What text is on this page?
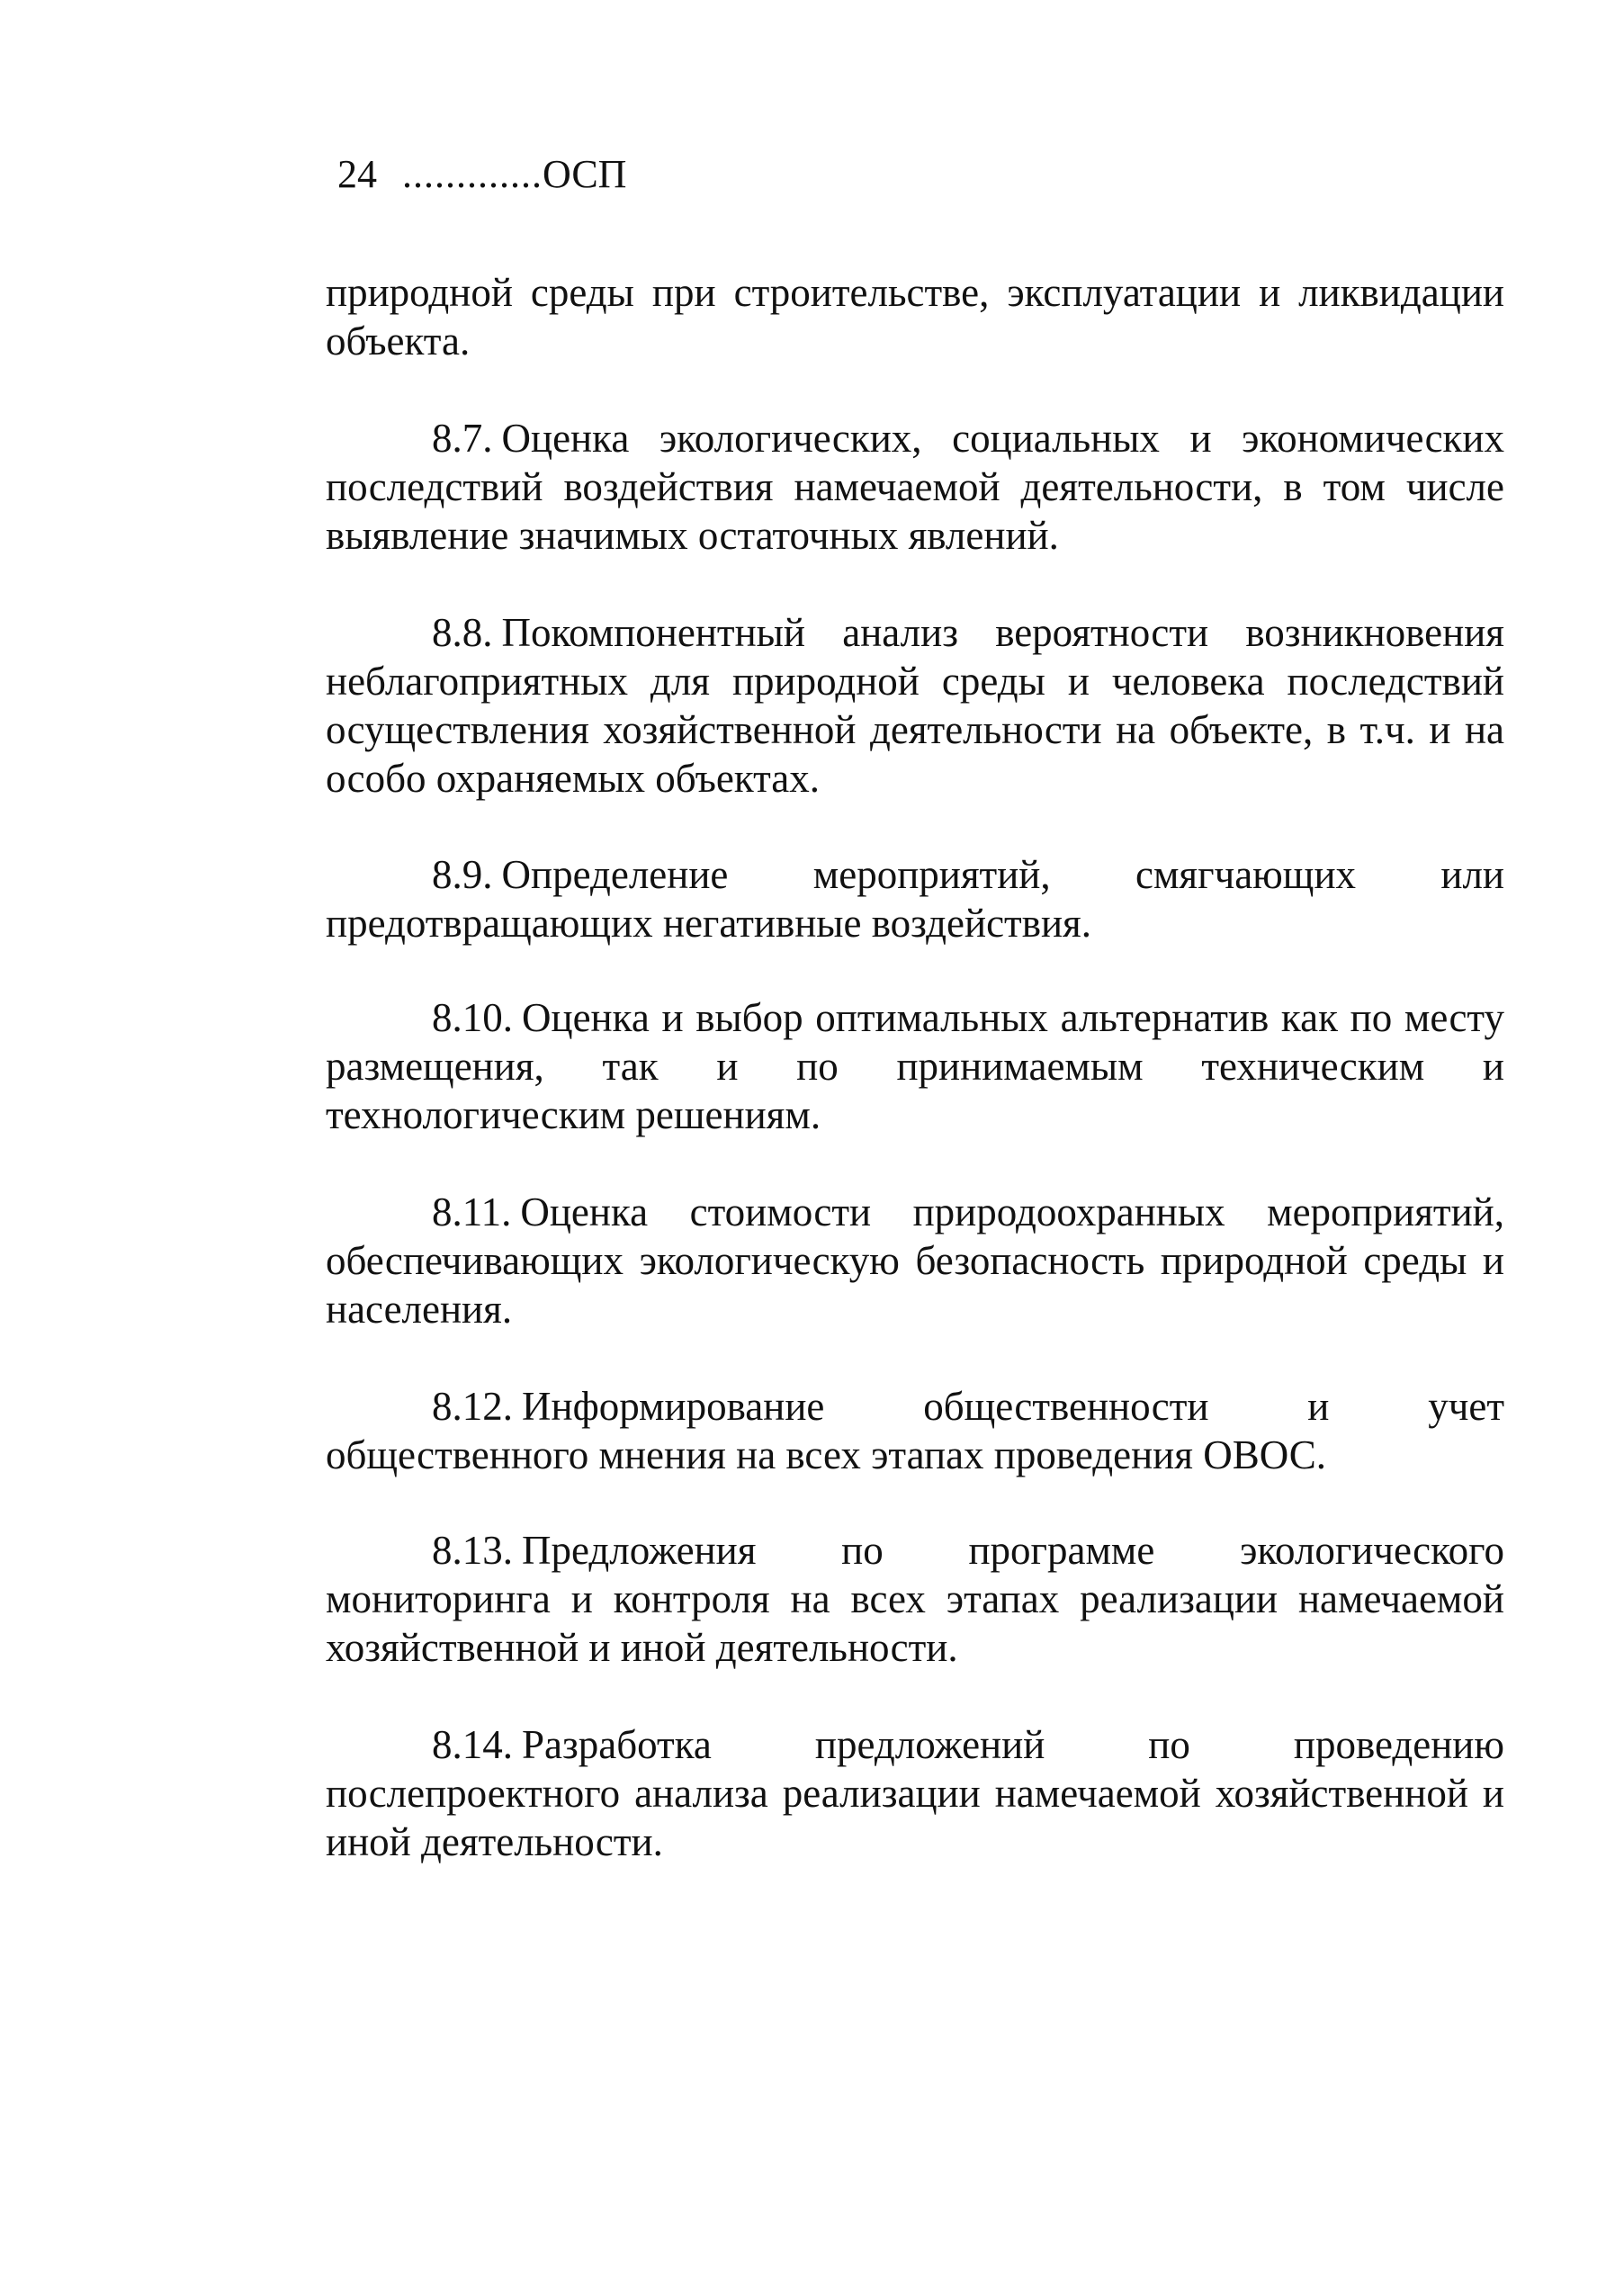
24 .............ОСП
природной среды при строительстве, эксплуатации и ликвидации объекта.
8.7. Оценка экологических, социальных и экономических последствий воздействия намечаемой деятельности, в том числе выявление значимых остаточных явлений.
8.8. Покомпонентный анализ вероятности возникновения неблагоприятных для природной среды и человека последствий осуществления хозяйственной деятельности на объекте, в т.ч. и на особо охраняемых объектах.
8.9. Определение мероприятий, смягчающих или предотвращающих негативные воздействия.
8.10. Оценка и выбор оптимальных альтернатив как по месту размещения, так и по принимаемым техническим и технологическим решениям.
8.11. Оценка стоимости природоохранных мероприятий, обеспечивающих экологическую безопасность природной среды и населения.
8.12. Информирование общественности и учет общественного мнения на всех этапах проведения ОВОС.
8.13. Предложения по программе экологического мониторинга и контроля на всех этапах реализации намечаемой хозяйственной и иной деятельности.
8.14. Разработка предложений по проведению послепроектного анализа реализации намечаемой хозяйственной и иной деятельности.
